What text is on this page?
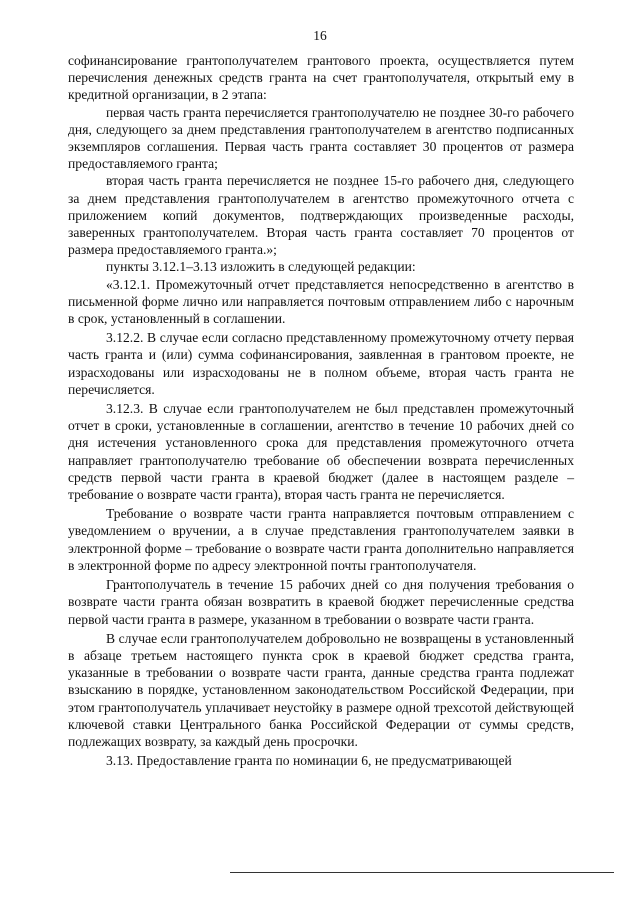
16

софинансирование грантополучателем грантового проекта, осуществляется путем перечисления денежных средств гранта на счет грантополучателя, открытый ему в кредитной организации, в 2 этапа:

первая часть гранта перечисляется грантополучателю не позднее 30-го рабочего дня, следующего за днем представления грантополучателем в агентство подписанных экземпляров соглашения. Первая часть гранта составляет 30 процентов от размера предоставляемого гранта;

вторая часть гранта перечисляется не позднее 15-го рабочего дня, следующего за днем представления грантополучателем в агентство промежуточного отчета с приложением копий документов, подтверждающих произведенные расходы, заверенных грантополучателем. Вторая часть гранта составляет 70 процентов от размера предоставляемого гранта.»;

пункты 3.12.1–3.13 изложить в следующей редакции:

«3.12.1. Промежуточный отчет представляется непосредственно в агентство в письменной форме лично или направляется почтовым отправлением либо с нарочным в срок, установленный в соглашении.

3.12.2. В случае если согласно представленному промежуточному отчету первая часть гранта и (или) сумма софинансирования, заявленная в грантовом проекте, не израсходованы или израсходованы не в полном объеме, вторая часть гранта не перечисляется.

3.12.3. В случае если грантополучателем не был представлен промежуточный отчет в сроки, установленные в соглашении, агентство в течение 10 рабочих дней со дня истечения установленного срока для представления промежуточного отчета направляет грантополучателю требование об обеспечении возврата перечисленных средств первой части гранта в краевой бюджет (далее в настоящем разделе – требование о возврате части гранта), вторая часть гранта не перечисляется.

Требование о возврате части гранта направляется почтовым отправлением с уведомлением о вручении, а в случае представления грантополучателем заявки в электронной форме – требование о возврате части гранта дополнительно направляется в электронной форме по адресу электронной почты грантополучателя.

Грантополучатель в течение 15 рабочих дней со дня получения требования о возврате части гранта обязан возвратить в краевой бюджет перечисленные средства первой части гранта в размере, указанном в требовании о возврате части гранта.

В случае если грантополучателем добровольно не возвращены в установленный в абзаце третьем настоящего пункта срок в краевой бюджет средства гранта, указанные в требовании о возврате части гранта, данные средства гранта подлежат взысканию в порядке, установленном законодательством Российской Федерации, при этом грантополучатель уплачивает неустойку в размере одной трехсотой действующей ключевой ставки Центрального банка Российской Федерации от суммы средств, подлежащих возврату, за каждый день просрочки.

3.13. Предоставление гранта по номинации 6, не предусматривающей
